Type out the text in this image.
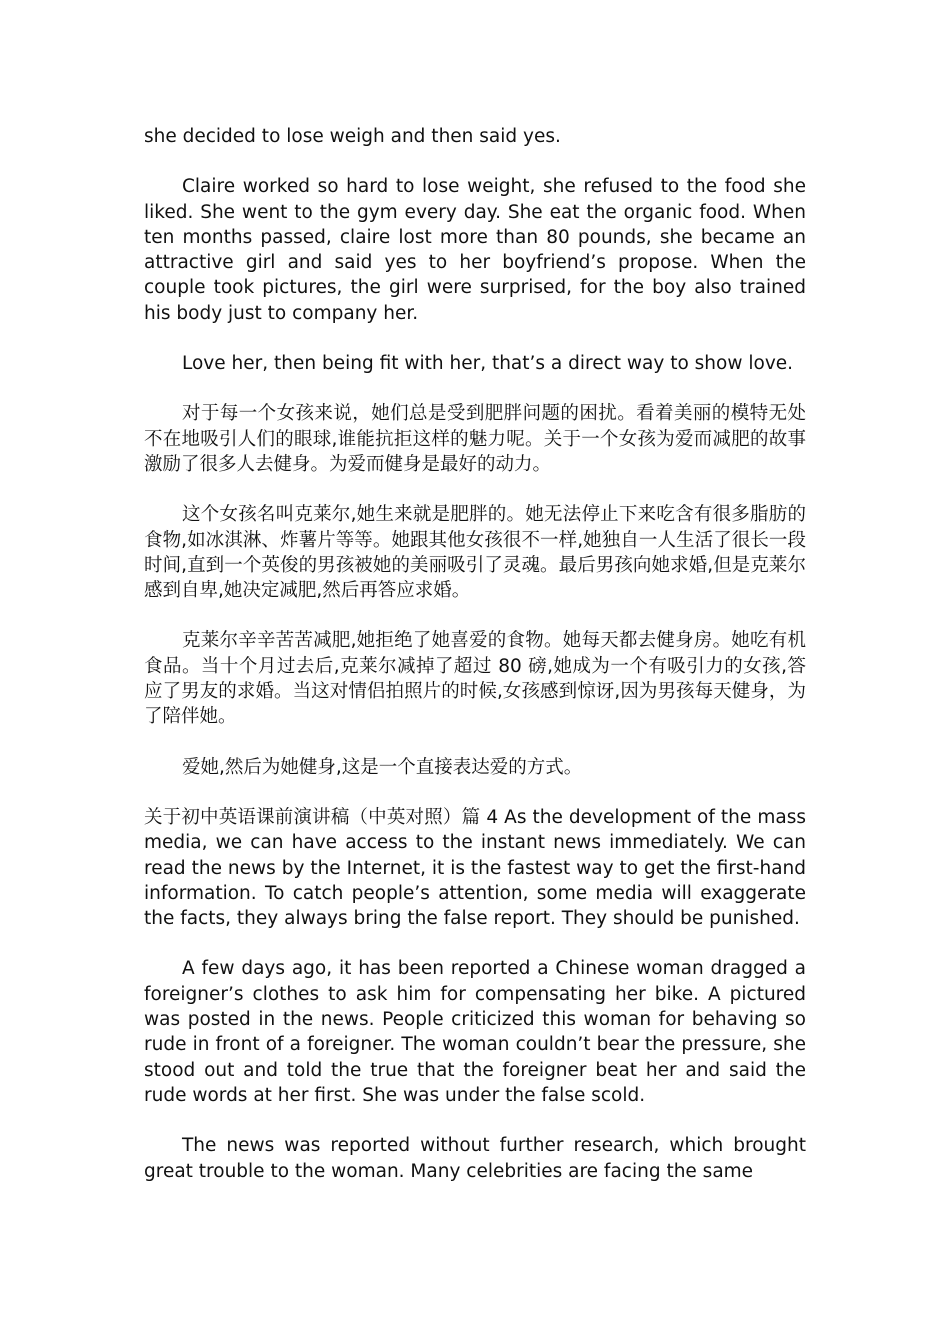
she decided to lose weigh and then said yes.

Claire worked so hard to lose weight, she refused to the food she liked. She went to the gym every day. She eat the organic food. When ten months passed, claire lost more than 80 pounds, she became an attractive girl and said yes to her boyfriend’s propose. When the couple took pictures, the girl were surprised, for the boy also trained his body just to company her.

Love her, then being fit with her, that’s a direct way to show love.

对于每一个女孩来说，她们总是受到肥胖问题的困扰。看着美丽的模特无处不在地吸引人们的眼球,谁能抗拒这样的魅力呢。关于一个女孩为爱而减肥的故事激励了很多人去健身。为爱而健身是最好的动力。

这个女孩名叫克莱尔,她生来就是肥胖的。她无法停止下来吃含有很多脂肪的食物,如冰淇淋、炸薯片等等。她跟其他女孩很不一样,她独自一人生活了很长一段时间,直到一个英俊的男孩被她的美丽吸引了灵魂。最后男孩向她求婚,但是克莱尔感到自卑,她决定减肥,然后再答应求婚。

克莱尔辛辛苦苦减肥,她拒绝了她喜爱的食物。她每天都去健身房。她吃有机食品。当十个月过去后,克莱尔减掉了超过 80 磅,她成为一个有吸引力的女孩,答应了男友的求婚。当这对情侣拍照片的时候,女孩感到惊讶,因为男孩每天健身，为了陪伴她。

爱她,然后为她健身,这是一个直接表达爱的方式。

关于初中英语课前演讲稿（中英对照）篇 4 As the development of the mass media, we can have access to the instant news immediately. We can read the news by the Internet, it is the fastest way to get the first-hand information. To catch people’s attention, some media will exaggerate the facts, they always bring the false report. They should be punished.

A few days ago, it has been reported a Chinese woman dragged a foreigner’s clothes to ask him for compensating her bike. A pictured was posted in the news. People criticized this woman for behaving so rude in front of a foreigner. The woman couldn’t bear the pressure, she stood out and told the true that the foreigner beat her and said the rude words at her first. She was under the false scold.

The news was reported without further research, which brought great trouble to the woman. Many celebrities are facing the same
